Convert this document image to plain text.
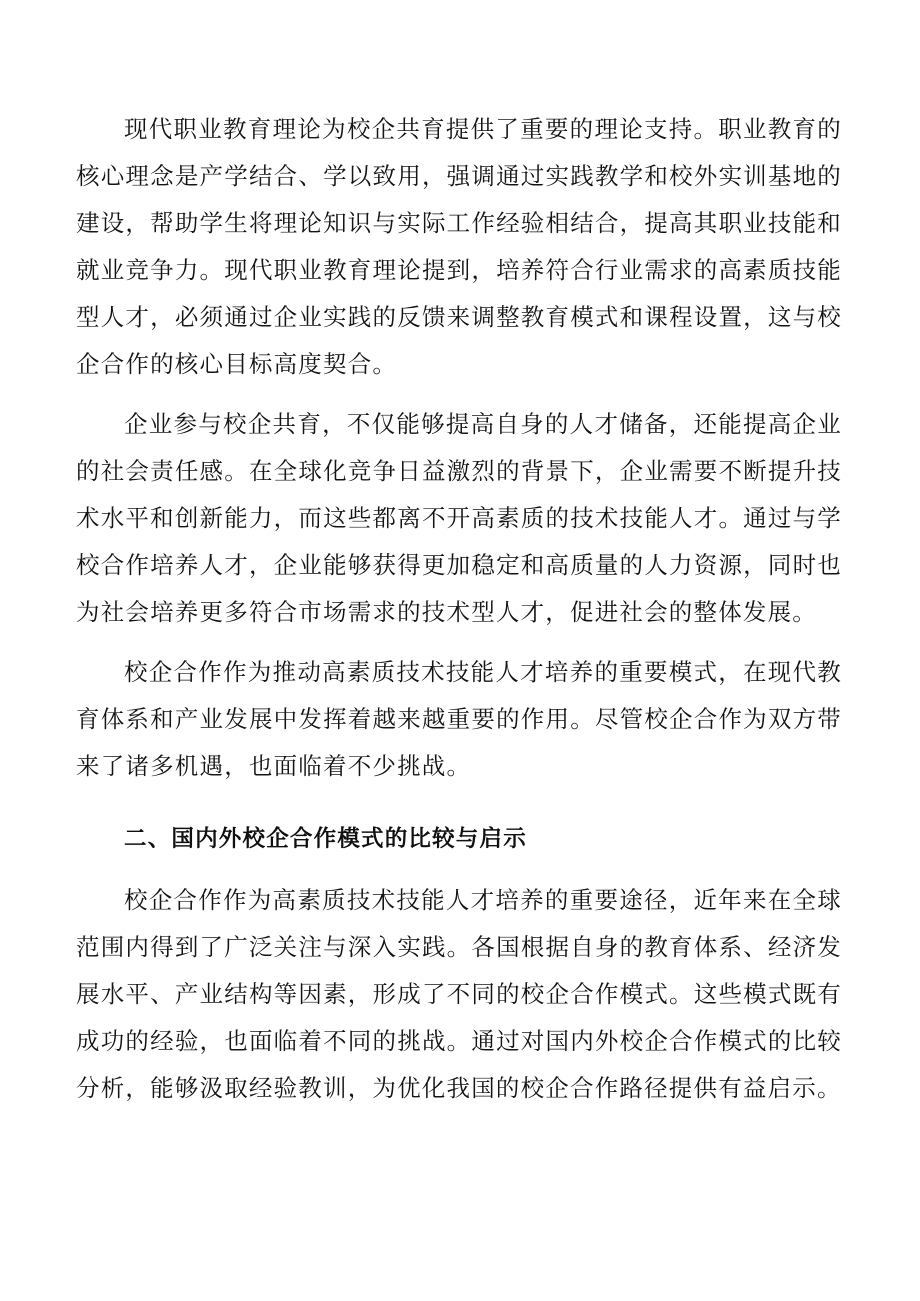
现代职业教育理论为校企共育提供了重要的理论支持。职业教育的核心理念是产学结合、学以致用，强调通过实践教学和校外实训基地的建设，帮助学生将理论知识与实际工作经验相结合，提高其职业技能和就业竞争力。现代职业教育理论提到，培养符合行业需求的高素质技能型人才，必须通过企业实践的反馈来调整教育模式和课程设置，这与校企合作的核心目标高度契合。

企业参与校企共育，不仅能够提高自身的人才储备，还能提高企业的社会责任感。在全球化竞争日益激烈的背景下，企业需要不断提升技术水平和创新能力，而这些都离不开高素质的技术技能人才。通过与学校合作培养人才，企业能够获得更加稳定和高质量的人力资源，同时也为社会培养更多符合市场需求的技术型人才，促进社会的整体发展。

校企合作作为推动高素质技术技能人才培养的重要模式，在现代教育体系和产业发展中发挥着越来越重要的作用。尽管校企合作为双方带来了诸多机遇，也面临着不少挑战。

二、国内外校企合作模式的比较与启示

校企合作作为高素质技术技能人才培养的重要途径，近年来在全球范围内得到了广泛关注与深入实践。各国根据自身的教育体系、经济发展水平、产业结构等因素，形成了不同的校企合作模式。这些模式既有成功的经验，也面临着不同的挑战。通过对国内外校企合作模式的比较分析，能够汲取经验教训，为优化我国的校企合作路径提供有益启示。
